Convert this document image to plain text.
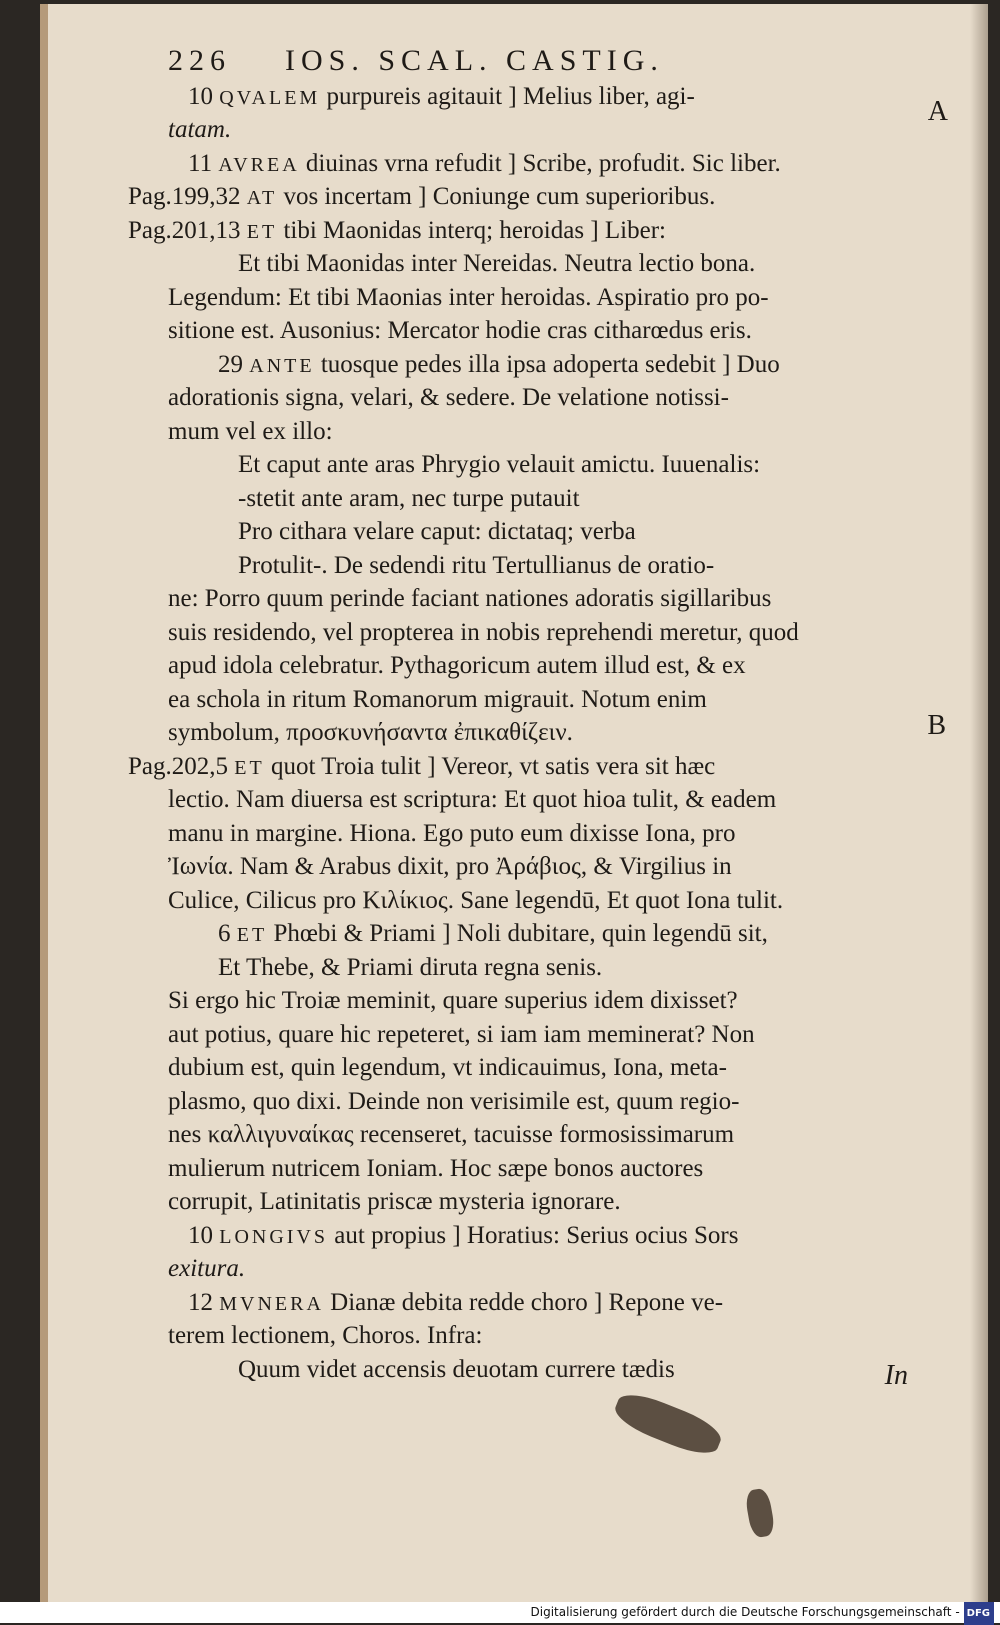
226 IOS. SCAL. CASTIG.
10 QVALEM purpureis agitauit ] Melius liber, agi-
tatam.
11 AVREA diuinas vrna refudit ] Scribe, profudit. Sic liber.
Pag.199,32 AT vos incertam ] Coniunge cum superioribus.
Pag.201,13 ET tibi Maonidas interq; heroidas ] Liber:
Et tibi Maonidas inter Nereidas. Neutra lectio bona.
Legendum: Et tibi Maonias inter heroidas. Aspiratio pro po-
sitione est. Ausonius: Mercator hodie cras citharœdus eris.
29 ANTE tuosque pedes illa ipsa adoperta sedebit ] Duo
adorationis signa, velari, & sedere. De velatione notissi-
mum vel ex illo:
Et caput ante aras Phrygio velauit amictu. Iuuenalis:
-stetit ante aram, nec turpe putauit
Pro cithara velare caput: dictataq; verba
Protulit-. De sedendi ritu Tertullianus de oratio-
ne: Porro quum perinde faciant nationes adoratis sigillaribus
suis residendo, vel propterea in nobis reprehendi meretur, quod
apud idola celebratur. Pythagoricum autem illud est, & ex
ea schola in ritum Romanorum migrauit. Notum enim
symbolum, προσκυνήσαντα ἐπικαθίζειν.
Pag.202,5 ET quot Troia tulit ] Vereor, vt satis vera sit hæc
lectio. Nam diuersa est scriptura: Et quot hioa tulit, & eadem
manu in margine. Hiona. Ego puto eum dixisse Iona, pro
Ἰωνία. Nam & Arabus dixit, pro Ἀράβιος, & Virgilius in
Culice, Cilicus pro Κιλίκιος. Sane legendū, Et quot Iona tulit.
6 ET Phœbi & Priami ] Noli dubitare, quin legendū sit,
Et Thebe, & Priami diruta regna senis.
Si ergo hic Troiæ meminit, quare superius idem dixisset?
aut potius, quare hic repeteret, si iam iam meminerat? Non
dubium est, quin legendum, vt indicauimus, Iona, meta-
plasmo, quo dixi. Deinde non verisimile est, quum regio-
nes καλλιγυναίκας recenseret, tacuisse formosissimarum
mulierum nutricem Ioniam. Hoc sæpe bonos auctores
corrupit, Latinitatis priscæ mysteria ignorare.
10 LONGIVS aut propius ] Horatius: Serius ocius Sors
exitura.
12 MVNERA Dianæ debita redde choro ] Repone ve-
terem lectionem, Choros. Infra:
Quum videt accensis deuotam currere tædis
A
B
In
Digitalisierung gefördert durch die Deutsche Forschungsgemeinschaft - DFG
